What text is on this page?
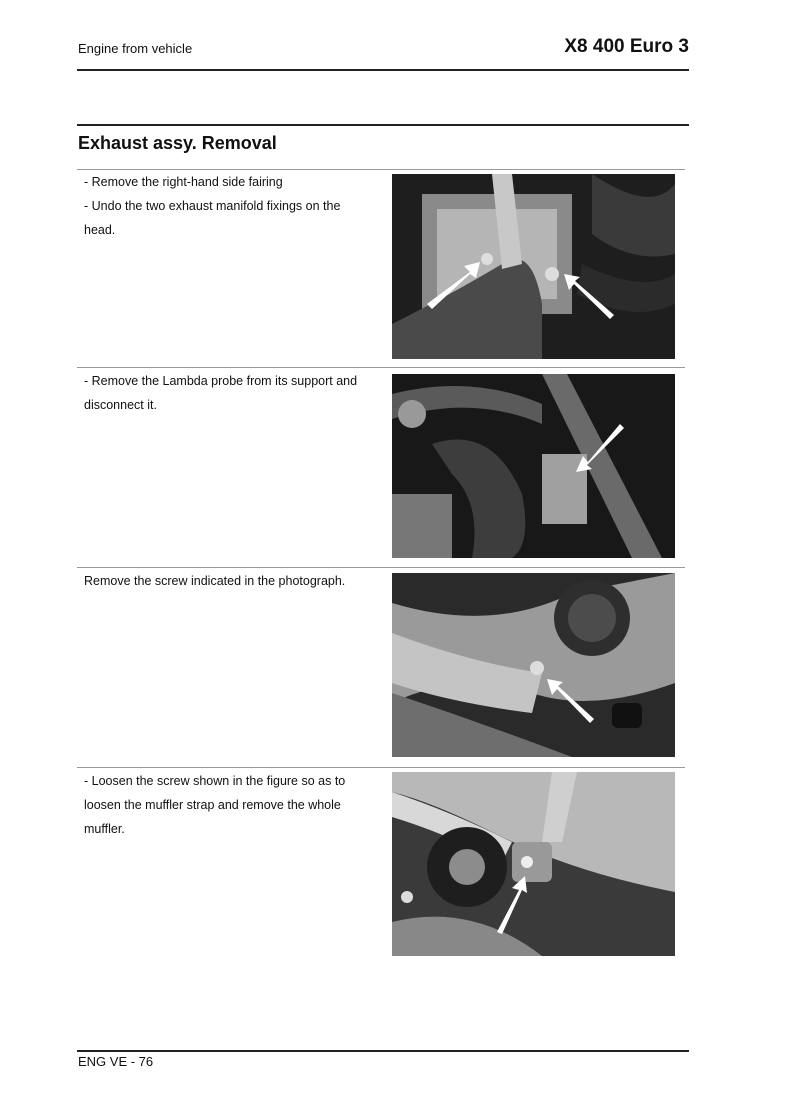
Engine from vehicle	X8 400 Euro 3
Exhaust assy. Removal
- Remove the right-hand side fairing
- Undo the two exhaust manifold fixings on the
head.
- Remove the Lambda probe from its support and
disconnect it.
Remove the screw indicated in the photograph.
- Loosen the screw shown in the figure so as to
loosen the muffler strap and remove the whole
muffler.
ENG VE - 76
